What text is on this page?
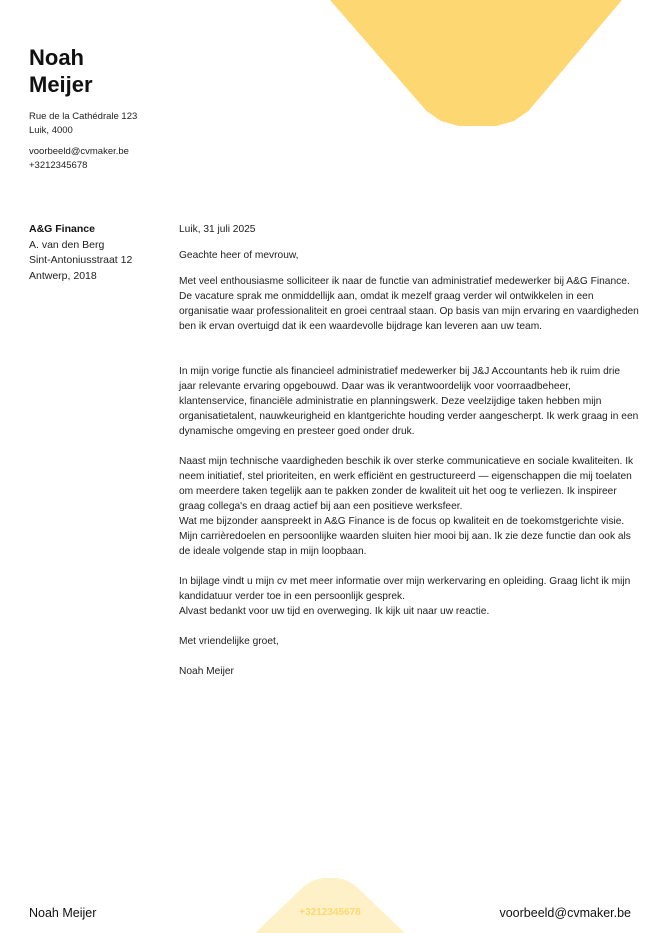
Noah
Meijer
Rue de la Cathédrale 123
Luik, 4000
voorbeeld@cvmaker.be
+3212345678
A&G Finance
A. van den Berg
Sint-Antoniusstraat 12
Antwerp, 2018

Luik, 31 juli 2025

Geachte heer of mevrouw,

Met veel enthousiasme solliciteer ik naar de functie van administratief medewerker bij A&G Finance. De vacature sprak me onmiddellijk aan, omdat ik mezelf graag verder wil ontwikkelen in een organisatie waar professionaliteit en groei centraal staan. Op basis van mijn ervaring en vaardigheden ben ik ervan overtuigd dat ik een waardevolle bijdrage kan leveren aan uw team.

In mijn vorige functie als financieel administratief medewerker bij J&J Accountants heb ik ruim drie jaar relevante ervaring opgebouwd. Daar was ik verantwoordelijk voor voorraadbeheer, klantenservice, financiële administratie en planningswerk. Deze veelzijdige taken hebben mijn organisatietalent, nauwkeurigheid en klantgerichte houding verder aangescherpt. Ik werk graag in een dynamische omgeving en presteer goed onder druk.

Naast mijn technische vaardigheden beschik ik over sterke communicatieve en sociale kwaliteiten. Ik neem initiatief, stel prioriteiten, en werk efficiënt en gestructureerd — eigenschappen die mij toelaten om meerdere taken tegelijk aan te pakken zonder de kwaliteit uit het oog te verliezen. Ik inspireer graag collega's en draag actief bij aan een positieve werksfeer.

Wat me bijzonder aanspreekt in A&G Finance is de focus op kwaliteit en de toekomstgerichte visie. Mijn carrièredoelen en persoonlijke waarden sluiten hier mooi bij aan. Ik zie deze functie dan ook als de ideale volgende stap in mijn loopbaan.

In bijlage vindt u mijn cv met meer informatie over mijn werkervaring en opleiding. Graag licht ik mijn kandidatuur verder toe in een persoonlijk gesprek.

Alvast bedankt voor uw tijd en overweging. Ik kijk uit naar uw reactie.

Met vriendelijke groet,

Noah Meijer

Noah Meijer	+3212345678	voorbeeld@cvmaker.be
